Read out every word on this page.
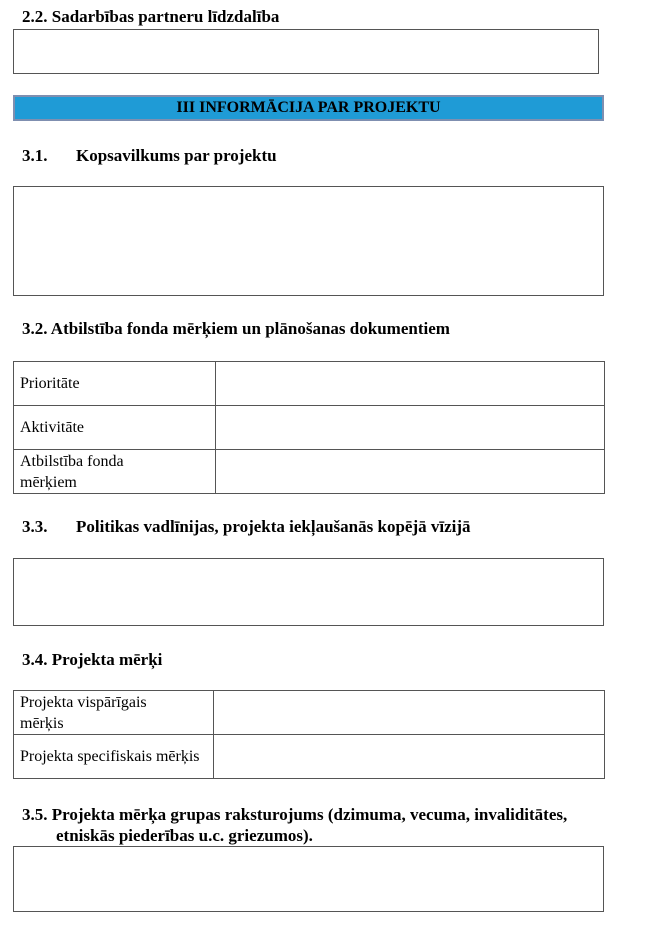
2.2. Sadarbības partneru līdzdalība
III INFORMĀCIJA PAR PROJEKTU
3.1. Kopsavilkums par projektu
3.2. Atbilstība fonda mērķiem un plānošanas dokumentiem
Prioritāte	
Aktivitāte	
Atbilstība fonda mērķiem	
3.3. Politikas vadlīnijas, projekta iekļaušanās kopējā vīzijā
3.4. Projekta mērķi
Projekta vispārīgais mērķis	
Projekta specifiskais mērķis	
3.5. Projekta mērķa grupas raksturojums (dzimuma, vecuma, invaliditātes,
etniskās piederības u.c. griezumos).
